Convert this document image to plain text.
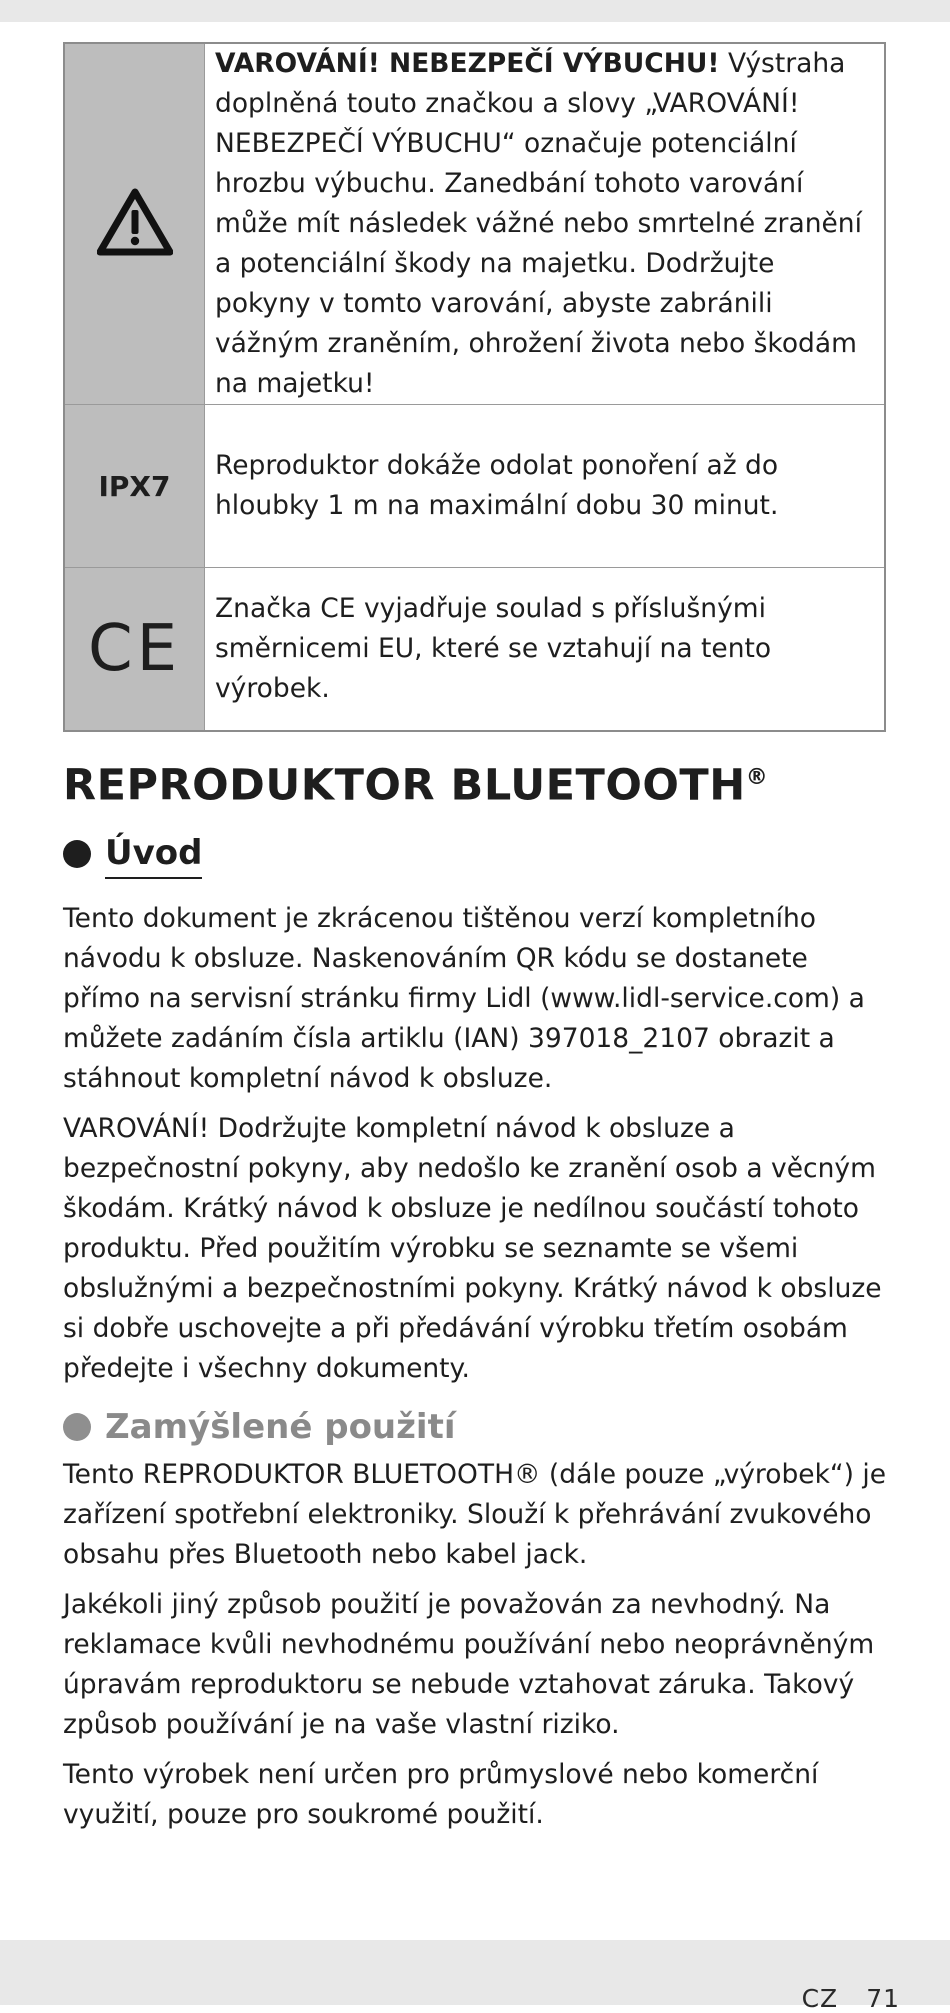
	VAROVÁNÍ! NEBEZPEČÍ VÝBUCHU! Výstraha doplněná touto značkou a slovy „VAROVÁNÍ! NEBEZPEČÍ VÝBUCHU“ označuje potenciální hrozbu výbuchu. Zanedbání tohoto varování může mít následek vážné nebo smrtelné zranění a potenciální škody na majetku. Dodržujte pokyny v tomto varování, abyste zabránili vážným zraněním, ohrožení života nebo škodám na majetku!
IPX7	Reproduktor dokáže odolat ponoření až do hloubky 1 m na maximální dobu 30 minut.
CE	Značka CE vyjadřuje soulad s příslušnými směrnicemi EU, které se vztahují na tento výrobek.
REPRODUKTOR BLUETOOTH®
Úvod

Tento dokument je zkrácenou tištěnou verzí kompletního návodu k obsluze. Naskenováním QR kódu se dostanete přímo na servisní stránku firmy Lidl (www.lidl-service.com) a můžete zadáním čísla artiklu (IAN) 397018_2107 obrazit a stáhnout kompletní návod k obsluze.

VAROVÁNÍ! Dodržujte kompletní návod k obsluze a bezpečnostní pokyny, aby nedošlo ke zranění osob a věcným škodám. Krátký návod k obsluze je nedílnou součástí tohoto produktu. Před použitím výrobku se seznamte se všemi obslužnými a bezpečnostními pokyny. Krátký návod k obsluze si dobře uschovejte a při předávání výrobku třetím osobám předejte i všechny dokumenty.

Zamýšlené použití

Tento REPRODUKTOR BLUETOOTH® (dále pouze „výrobek“) je zařízení spotřební elektroniky. Slouží k přehrávání zvukového obsahu přes Bluetooth nebo kabel jack.

Jakékoli jiný způsob použití je považován za nevhodný. Na reklamace kvůli nevhodnému používání nebo neoprávněným úpravám reproduktoru se nebude vztahovat záruka. Takový způsob používání je na vaše vlastní riziko.

Tento výrobek není určen pro průmyslové nebo komerční využití, pouze pro soukromé použití.

CZ 71
